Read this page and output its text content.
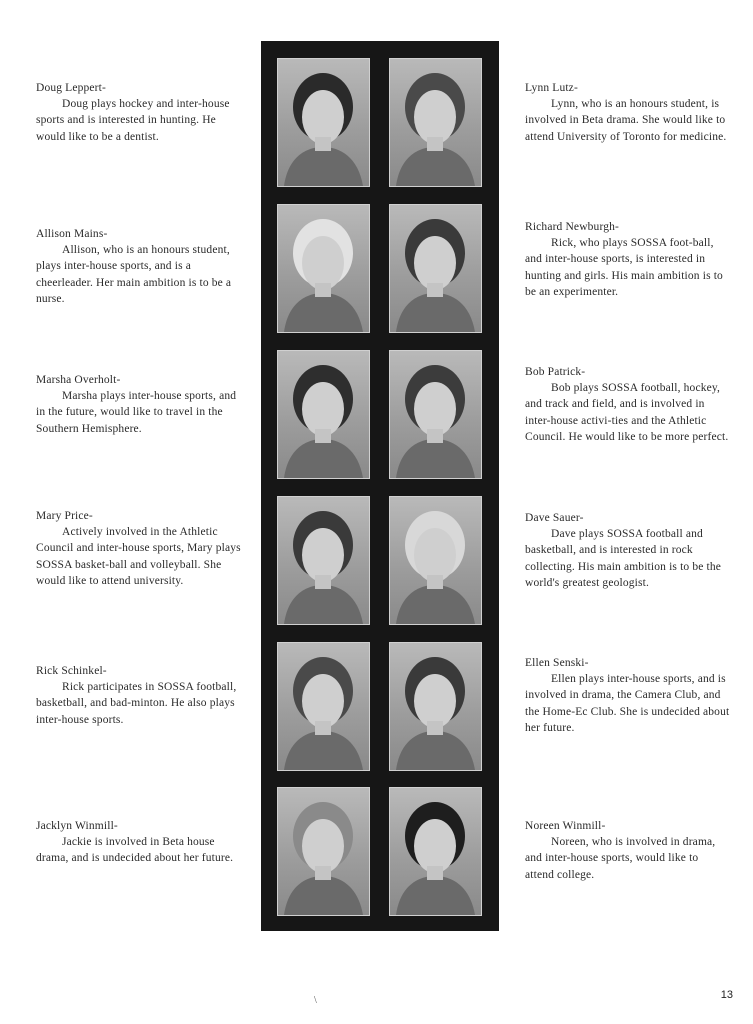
Doug Leppert-
Doug plays hockey and inter-house sports and is interested in hunting. He would like to be a dentist.
Allison Mains-
Allison, who is an honours student, plays inter-house sports, and is a cheerleader. Her main ambition is to be a nurse.
Marsha Overholt-
Marsha plays inter-house sports, and in the future, would like to travel in the Southern Hemisphere.
Mary Price-
Actively involved in the Athletic Council and inter-house sports, Mary plays SOSSA basket-ball and volleyball. She would like to attend university.
Rick Schinkel-
Rick participates in SOSSA football, basketball, and bad-minton. He also plays inter-house sports.
Jacklyn Winmill-
Jackie is involved in Beta house drama, and is undecided about her future.
Lynn Lutz-
Lynn, who is an honours student, is involved in Beta drama. She would like to attend University of Toronto for medicine.
Richard Newburgh-
Rick, who plays SOSSA foot-ball, and inter-house sports, is interested in hunting and girls. His main ambition is to be an experimenter.
Bob Patrick-
Bob plays SOSSA football, hockey, and track and field, and is involved in inter-house activi-ties and the Athletic Council. He would like to be more perfect.
Dave Sauer-
Dave plays SOSSA football and basketball, and is interested in rock collecting. His main ambition is to be the world's greatest geologist.
Ellen Senski-
Ellen plays inter-house sports, and is involved in drama, the Camera Club, and the Home-Ec Club. She is undecided about her future.
Noreen Winmill-
Noreen, who is involved in drama, and inter-house sports, would like to attend college.
\	13
